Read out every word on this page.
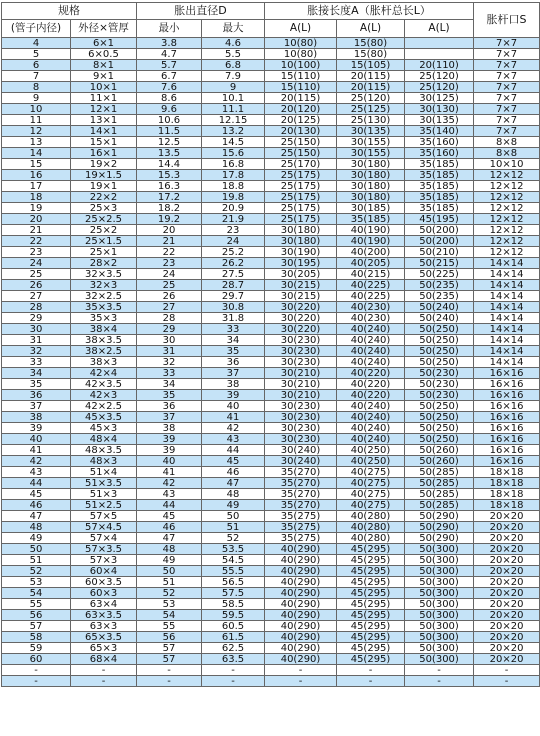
规格		胀出直径D		胀接长度A（胀杆总长L）			胀杆口S
(管子内径)	外径×管厚	最小	最大	A(L)	A(L)	A(L)	
4	6×1	3.8	4.6	10(80)	15(80)		7×7
5	6×0.5	4.7	5.5	10(80)	15(80)		7×7
6	8×1	5.7	6.8	10(100)	15(105)	20(110)	7×7
7	9×1	6.7	7.9	15(110)	20(115)	25(120)	7×7
8	10×1	7.6	9	15(110)	20(115)	25(120)	7×7
9	11×1	8.6	10.1	20(115)	25(120)	30(125)	7×7
10	12×1	9.6	11.1	20(120)	25(125)	30(130)	7×7
11	13×1	10.6	12.15	20(125)	25(130)	30(135)	7×7
12	14×1	11.5	13.2	20(130)	30(135)	35(140)	7×7
13	15×1	12.5	14.5	25(150)	30(155)	35(160)	8×8
14	16×1	13.5	15.6	25(150)	30(155)	35(160)	8×8
15	19×2	14.4	16.8	25(170)	30(180)	35(185)	10×10
16	19×1.5	15.3	17.8	25(175)	30(180)	35(185)	12×12
17	19×1	16.3	18.8	25(175)	30(180)	35(185)	12×12
18	22×2	17.2	19.8	25(175)	30(180)	35(185)	12×12
19	25×3	18.2	20.9	25(175)	30(185)	35(185)	12×12
20	25×2.5	19.2	21.9	25(175)	35(185)	45(195)	12×12
21	25×2	20	23	30(180)	40(190)	50(200)	12×12
22	25×1.5	21	24	30(180)	40(190)	50(200)	12×12
23	25×1	22	25.2	30(190)	40(200)	50(210)	12×12
24	28×2	23	26.2	30(195)	40(205)	50(215)	14×14
25	32×3.5	24	27.5	30(205)	40(215)	50(225)	14×14
26	32×3	25	28.7	30(215)	40(225)	50(235)	14×14
27	32×2.5	26	29.7	30(215)	40(225)	50(235)	14×14
28	35×3.5	27	30.8	30(220)	40(230)	50(240)	14×14
29	35×3	28	31.8	30(220)	40(230)	50(240)	14×14
30	38×4	29	33	30(220)	40(240)	50(250)	14×14
31	38×3.5	30	34	30(230)	40(240)	50(250)	14×14
32	38×2.5	31	35	30(230)	40(240)	50(250)	14×14
33	38×3	32	36	30(230)	40(240)	50(250)	14×14
34	42×4	33	37	30(210)	40(220)	50(230)	16×16
35	42×3.5	34	38	30(210)	40(220)	50(230)	16×16
36	42×3	35	39	30(210)	40(220)	50(230)	16×16
37	42×2.5	36	40	30(230)	40(240)	50(250)	16×16
38	45×3.5	37	41	30(230)	40(240)	50(250)	16×16
39	45×3	38	42	30(230)	40(240)	50(250)	16×16
40	48×4	39	43	30(230)	40(240)	50(250)	16×16
41	48×3.5	39	44	30(240)	40(250)	50(260)	16×16
42	48×3	40	45	30(240)	40(250)	50(260)	16×16
43	51×4	41	46	35(270)	40(275)	50(285)	18×18
44	51×3.5	42	47	35(270)	40(275)	50(285)	18×18
45	51×3	43	48	35(270)	40(275)	50(285)	18×18
46	51×2.5	44	49	35(270)	40(275)	50(285)	18×18
47	57×5	45	50	35(275)	40(280)	50(290)	20×20
48	57×4.5	46	51	35(275)	40(280)	50(290)	20×20
49	57×4	47	52	35(275)	40(280)	50(290)	20×20
50	57×3.5	48	53.5	40(290)	45(295)	50(300)	20×20
51	57×3	49	54.5	40(290)	45(295)	50(300)	20×20
52	60×4	50	55.5	40(290)	45(295)	50(300)	20×20
53	60×3.5	51	56.5	40(290)	45(295)	50(300)	20×20
54	60×3	52	57.5	40(290)	45(295)	50(300)	20×20
55	63×4	53	58.5	40(290)	45(295)	50(300)	20×20
56	63×3.5	54	59.5	40(290)	45(295)	50(300)	20×20
57	63×3	55	60.5	40(290)	45(295)	50(300)	20×20
58	65×3.5	56	61.5	40(290)	45(295)	50(300)	20×20
59	65×3	57	62.5	40(290)	45(295)	50(300)	20×20
60	68×4	57	63.5	40(290)	45(295)	50(300)	20×20
-	-	-	-	-	-	-	-
-	-	-	-	-	-	-	-
